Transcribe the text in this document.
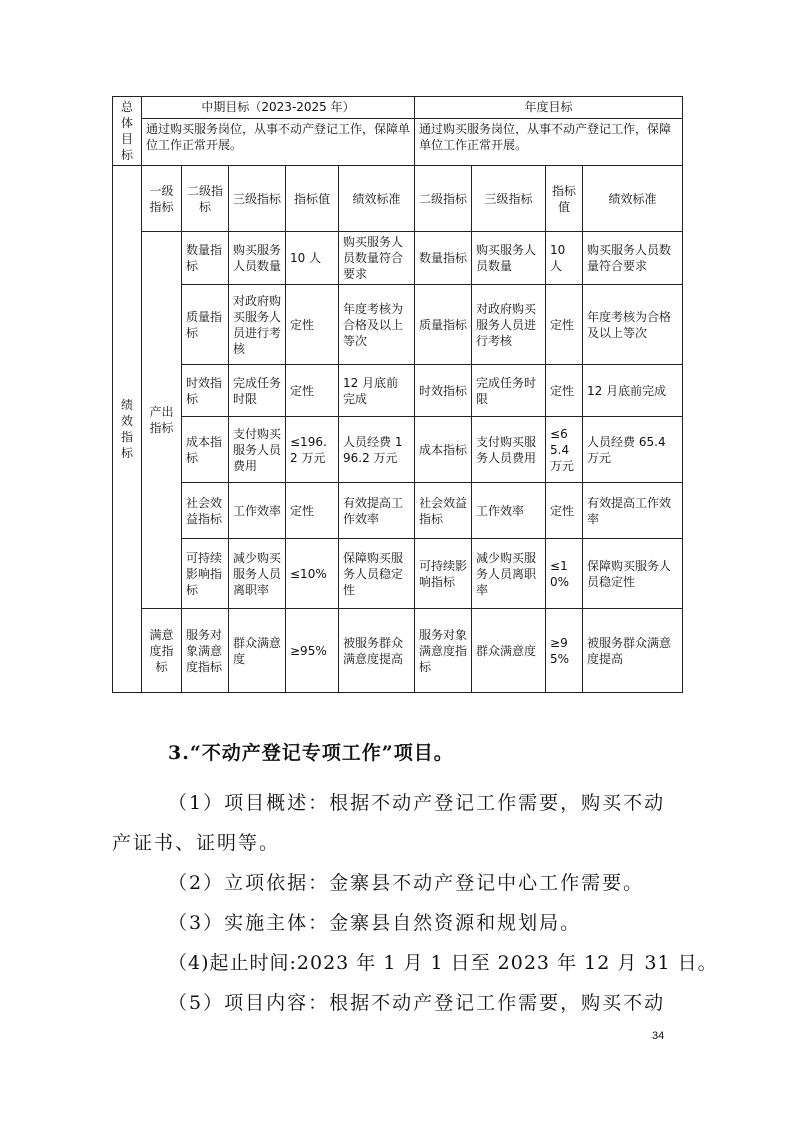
总体目标	中期目标（2023-2025 年）					年度目标			
	通过购买服务岗位，从事不动产登记工作，保障单位工作正常开展。					通过购买服务岗位，从事不动产登记工作，保障单位工作正常开展。			
绩效指标	一级指标	二级指标	三级指标	指标值	绩效标准	二级指标	三级指标	指标值	绩效标准
	产出指标	数量指标	购买服务人员数量	10 人	购买服务人员数量符合要求	数量指标	购买服务人员数量	10 人	购买服务人员数量符合要求
		质量指标	对政府购买服务人员进行考核	定性	年度考核为合格及以上等次	质量指标	对政府购买服务人员进行考核	定性	年度考核为合格及以上等次
		时效指标	完成任务时限	定性	12 月底前完成	时效指标	完成任务时限	定性	12 月底前完成
		成本指标	支付购买服务人员费用	≤196.2 万元	人员经费 196.2 万元	成本指标	支付购买服务人员费用	≤65.4 万元	人员经费 65.4 万元
		社会效益指标	工作效率	定性	有效提高工作效率	社会效益指标	工作效率	定性	有效提高工作效率
		可持续影响指标	减少购买服务人员离职率	≤10%	保障购买服务人员稳定性	可持续影响指标	减少购买服务人员离职率	≤10%	保障购买服务人员稳定性
	满意度指标	服务对象满意度指标	群众满意度	≥95%	被服务群众满意度提高	服务对象满意度指标	群众满意度	≥95%	被服务群众满意度提高

3.“不动产登记专项工作”项目。

（1）项目概述：根据不动产登记工作需要，购买不动

产证书、证明等。

（2）立项依据：金寨县不动产登记中心工作需要。

（3）实施主体：金寨县自然资源和规划局。

（4)起止时间:2023 年 1 月 1 日至 2023 年 12 月 31 日。

（5）项目内容：根据不动产登记工作需要，购买不动

34
